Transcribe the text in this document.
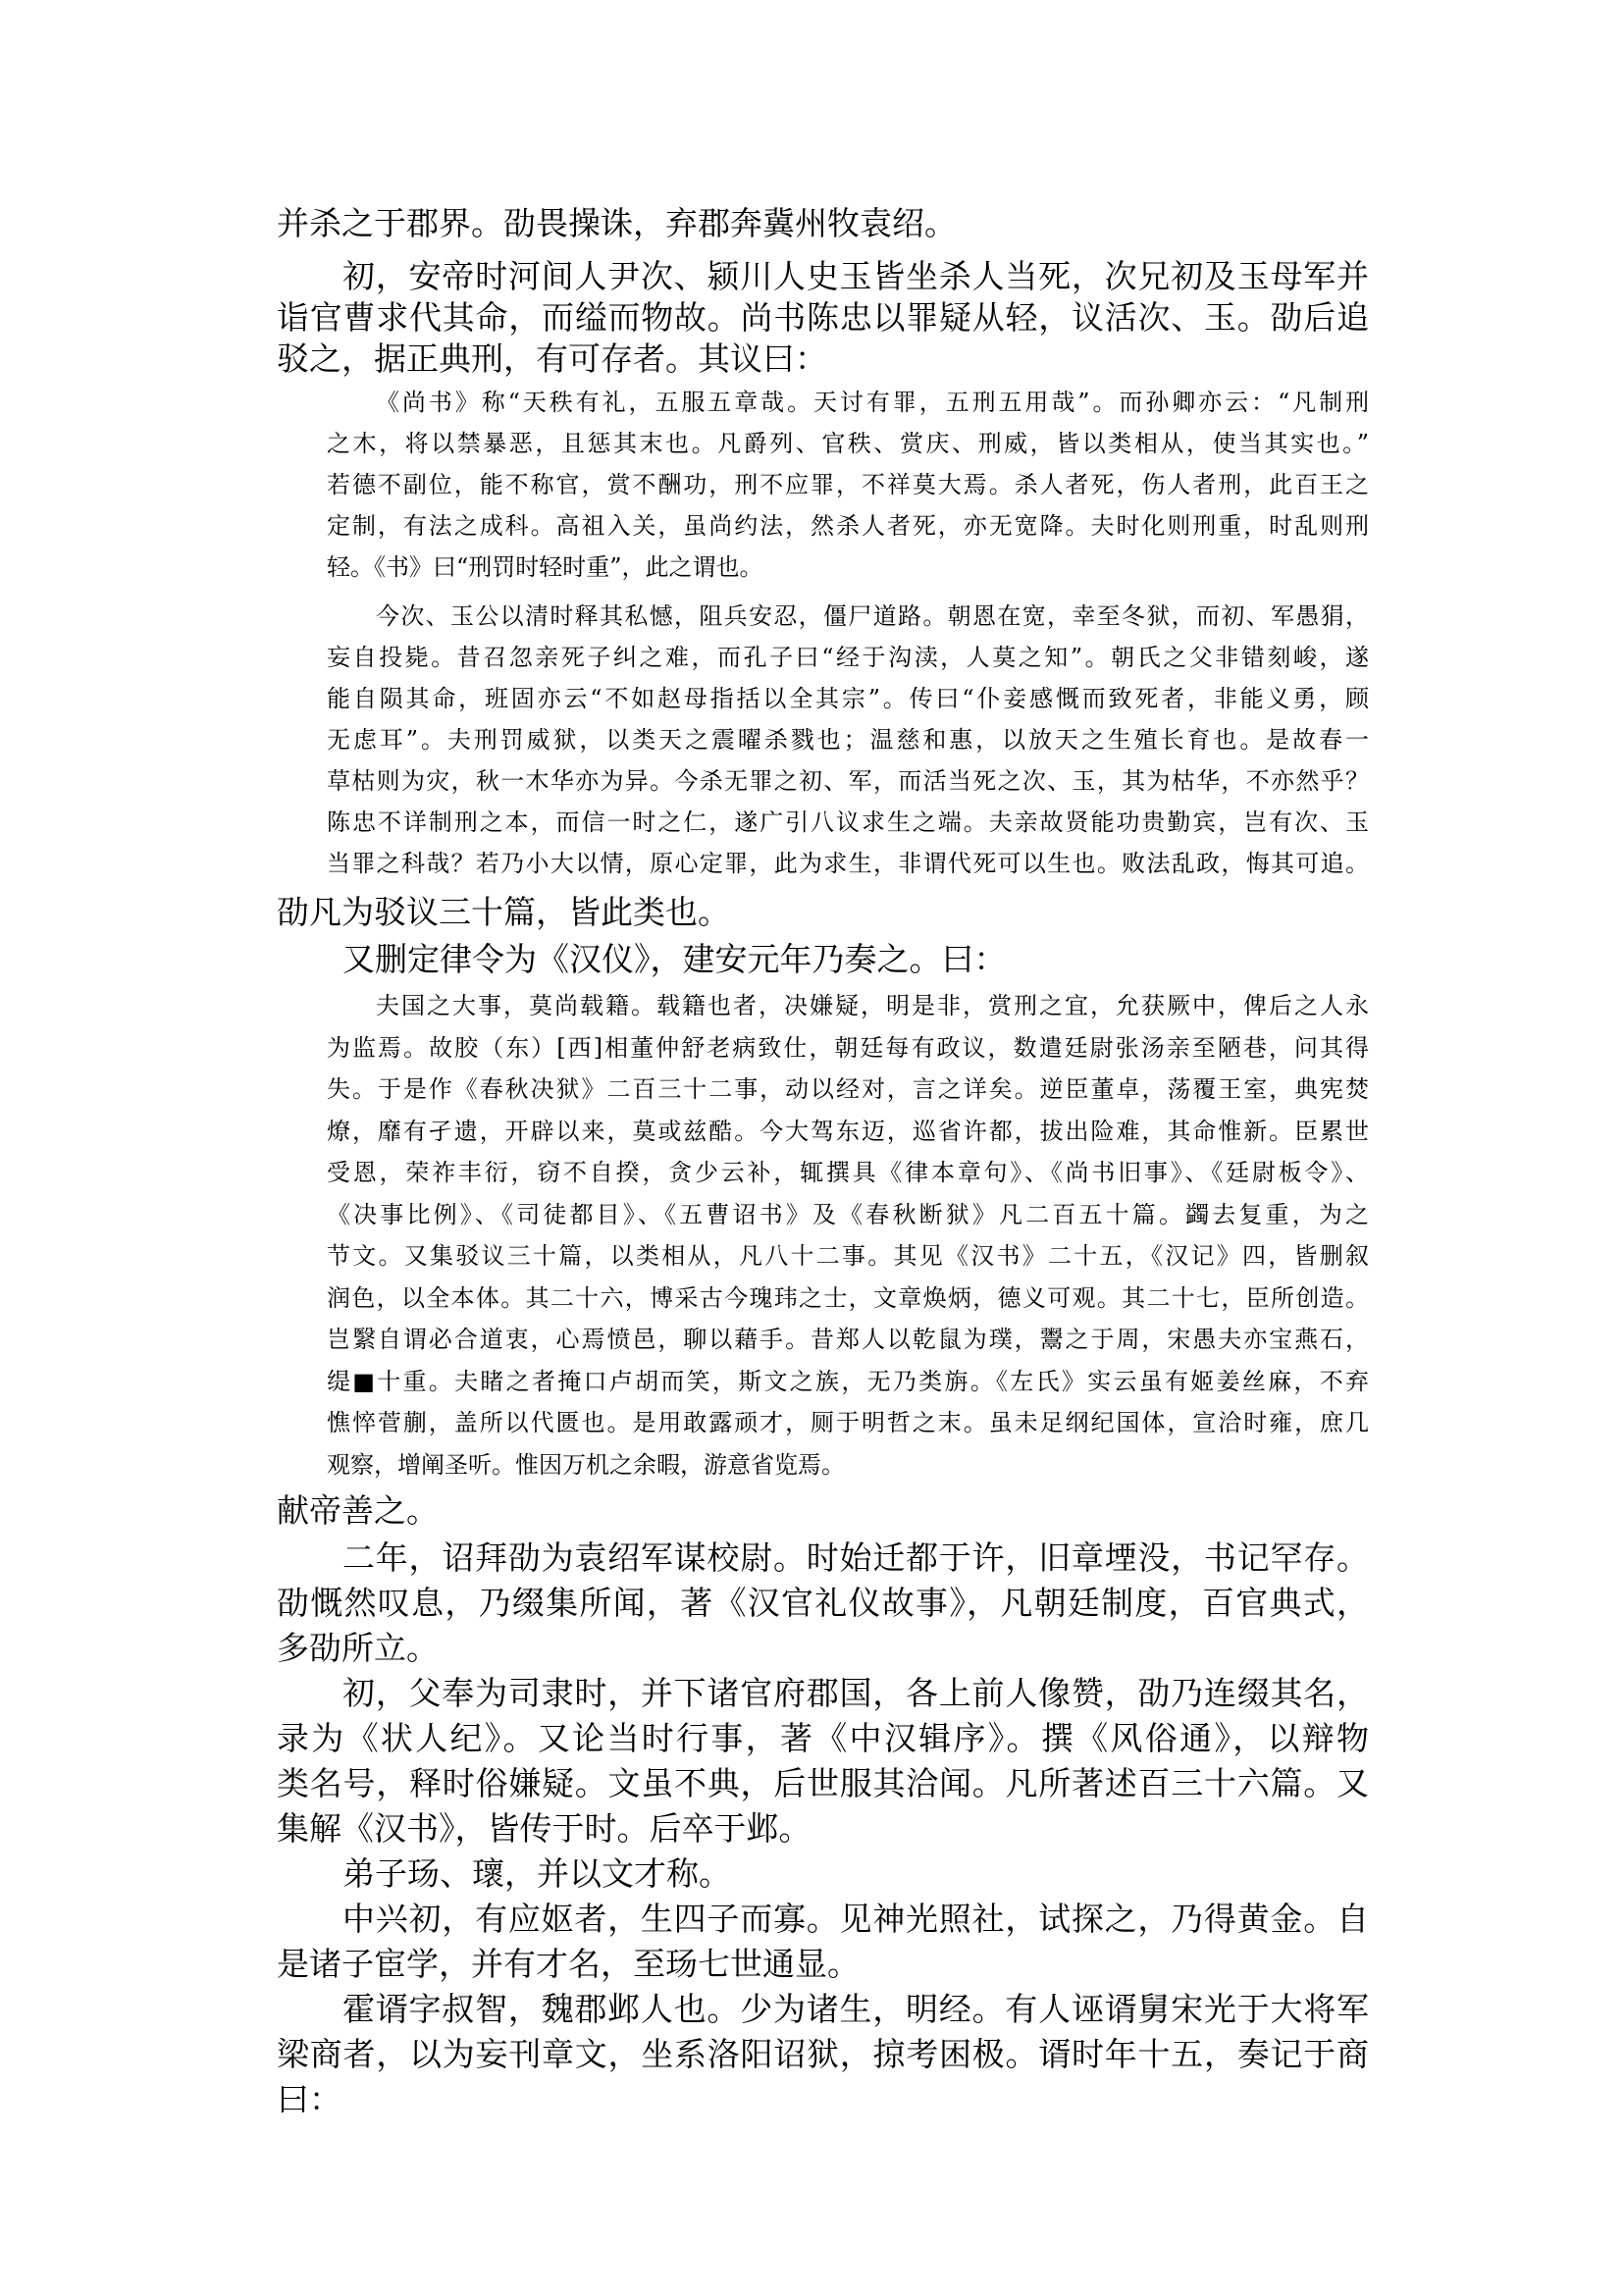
并杀之于郡界。劭畏操诛，弃郡奔冀州牧袁绍。
初，安帝时河间人尹次、颍川人史玉皆坐杀人当死，次兄初及玉母军并
诣官曹求代其命，而缢而物故。尚书陈忠以罪疑从轻，议活次、玉。劭后追
驳之，据正典刑，有可存者。其议曰：
《尚书》称“天秩有礼，五服五章哉。天讨有罪，五刑五用哉”。而孙卿亦云：“凡制刑
之木，将以禁暴恶，且惩其末也。凡爵列、官秩、赏庆、刑威，皆以类相从，使当其实也。”
若德不副位，能不称官，赏不酬功，刑不应罪，不祥莫大焉。杀人者死，伤人者刑，此百王之
定制，有法之成科。高祖入关，虽尚约法，然杀人者死，亦无宽降。夫时化则刑重，时乱则刑
轻。《书》曰“刑罚时轻时重”，此之谓也。
今次、玉公以清时释其私憾，阻兵安忍，僵尸道路。朝恩在宽，幸至冬狱，而初、军愚狷，
妄自投毙。昔召忽亲死子纠之难，而孔子曰“经于沟渎，人莫之知”。朝氏之父非错刻峻，遂
能自陨其命，班固亦云“不如赵母指括以全其宗”。传曰“仆妾感慨而致死者，非能义勇，顾
无虑耳”。夫刑罚威狱，以类天之震曜杀戮也；温慈和惠，以放天之生殖长育也。是故春一
草枯则为灾，秋一木华亦为异。今杀无罪之初、军，而活当死之次、玉，其为枯华，不亦然乎？
陈忠不详制刑之本，而信一时之仁，遂广引八议求生之端。夫亲故贤能功贵勤宾，岂有次、玉
当罪之科哉？若乃小大以情，原心定罪，此为求生，非谓代死可以生也。败法乱政，悔其可追。
劭凡为驳议三十篇，皆此类也。
又删定律令为《汉仪》，建安元年乃奏之。曰：
夫国之大事，莫尚载籍。载籍也者，决嫌疑，明是非，赏刑之宜，允获厥中，俾后之人永
为监焉。故胶（东）[西]相董仲舒老病致仕，朝廷每有政议，数遣廷尉张汤亲至陋巷，问其得
失。于是作《春秋决狱》二百三十二事，动以经对，言之详矣。逆臣董卓，荡覆王室，典宪焚
燎，靡有孑遗，开辟以来，莫或兹酷。今大驾东迈，巡省许都，拔出险难，其命惟新。臣累世
受恩，荣祚丰衍，窃不自揆，贪少云补，辄撰具《律本章句》、《尚书旧事》、《廷尉板令》、
《决事比例》、《司徒都目》、《五曹诏书》及《春秋断狱》凡二百五十篇。蠲去复重，为之
节文。又集驳议三十篇，以类相从，凡八十二事。其见《汉书》二十五，《汉记》四，皆删叙
润色，以全本体。其二十六，博采古今瑰玮之士，文章焕炳，德义可观。其二十七，臣所创造。
岂繄自谓必合道衷，心焉愤邑，聊以藉手。昔郑人以乾鼠为璞，鬻之于周，宋愚夫亦宝燕石，
缇■十重。夫睹之者掩口卢胡而笑，斯文之族，无乃类旃。《左氏》实云虽有姬姜丝麻，不弃
憔悴菅蒯，盖所以代匮也。是用敢露顽才，厕于明哲之末。虽未足纲纪国体，宣洽时雍，庶几
观察，增阐圣听。惟因万机之余暇，游意省览焉。
献帝善之。
二年，诏拜劭为袁绍军谋校尉。时始迁都于许，旧章堙没，书记罕存。
劭慨然叹息，乃缀集所闻，著《汉官礼仪故事》，凡朝廷制度，百官典式，
多劭所立。
初，父奉为司隶时，并下诸官府郡国，各上前人像赞，劭乃连缀其名，
录为《状人纪》。又论当时行事，著《中汉辑序》。撰《风俗通》，以辩物
类名号，释时俗嫌疑。文虽不典，后世服其洽闻。凡所著述百三十六篇。又
集解《汉书》，皆传于时。后卒于邺。
弟子玚、瓌，并以文才称。
中兴初，有应妪者，生四子而寡。见神光照社，试探之，乃得黄金。自
是诸子宦学，并有才名，至玚七世通显。
霍谞字叔智，魏郡邺人也。少为诸生，明经。有人诬谞舅宋光于大将军
梁商者，以为妄刊章文，坐系洛阳诏狱，掠考困极。谞时年十五，奏记于商
曰：
